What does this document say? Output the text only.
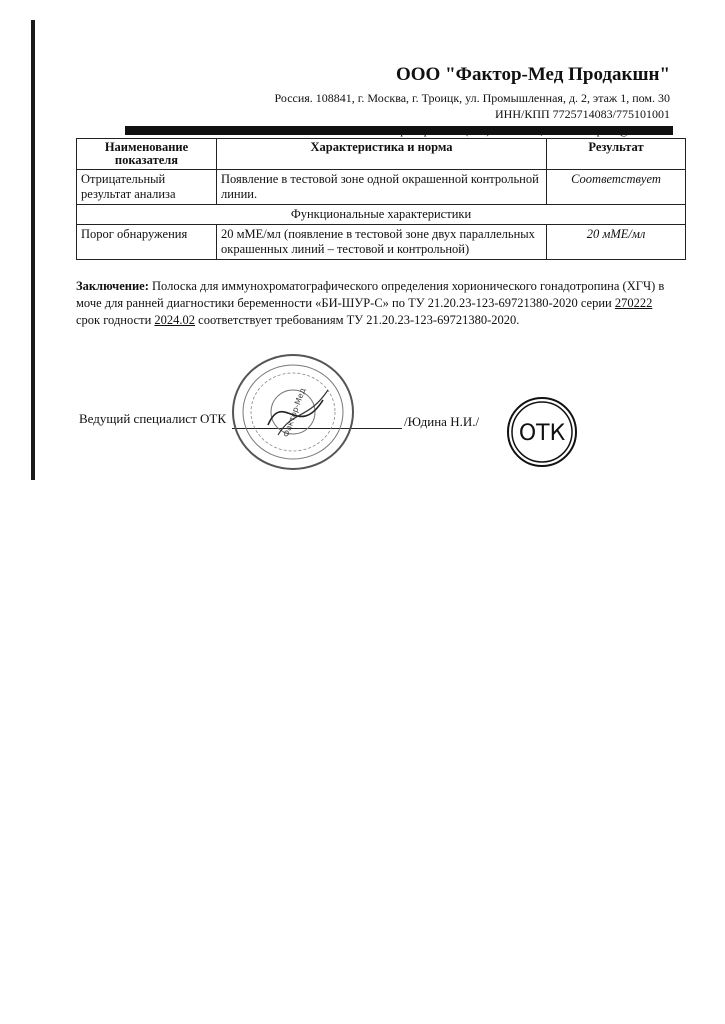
ООО "Фактор-Мед Продакшн"
Россия. 108841, г. Москва, г. Троицк, ул. Промышленная, д. 2, этаж 1, пом. 30
ИНН/КПП 7725714083/775101001
Наименование показателя	Характеристика и норма	Результат
Отрицательный результат анализа	Появление в тестовой зоне одной окрашенной контрольной линии.	Соответствует
Функциональные характеристики		
Порог обнаружения	20 мМЕ/мл (появление в тестовой зоне двух параллельных окрашенных линий – тестовой и контрольной)	20 мМЕ/мл
Заключение: Полоска для иммунохроматографического определения хорионического гонадотропина (ХГЧ) в моче для ранней диагностики беременности «БИ-ШУР-С» по ТУ 21.20.23-123-69721380-2020 серии 270222 срок годности 2024.02 соответствует требованиям ТУ 21.20.23-123-69721380-2020.
Ведущий специалист ОТК	/Юдина Н.И./
Фактор-Мед	ОТК
